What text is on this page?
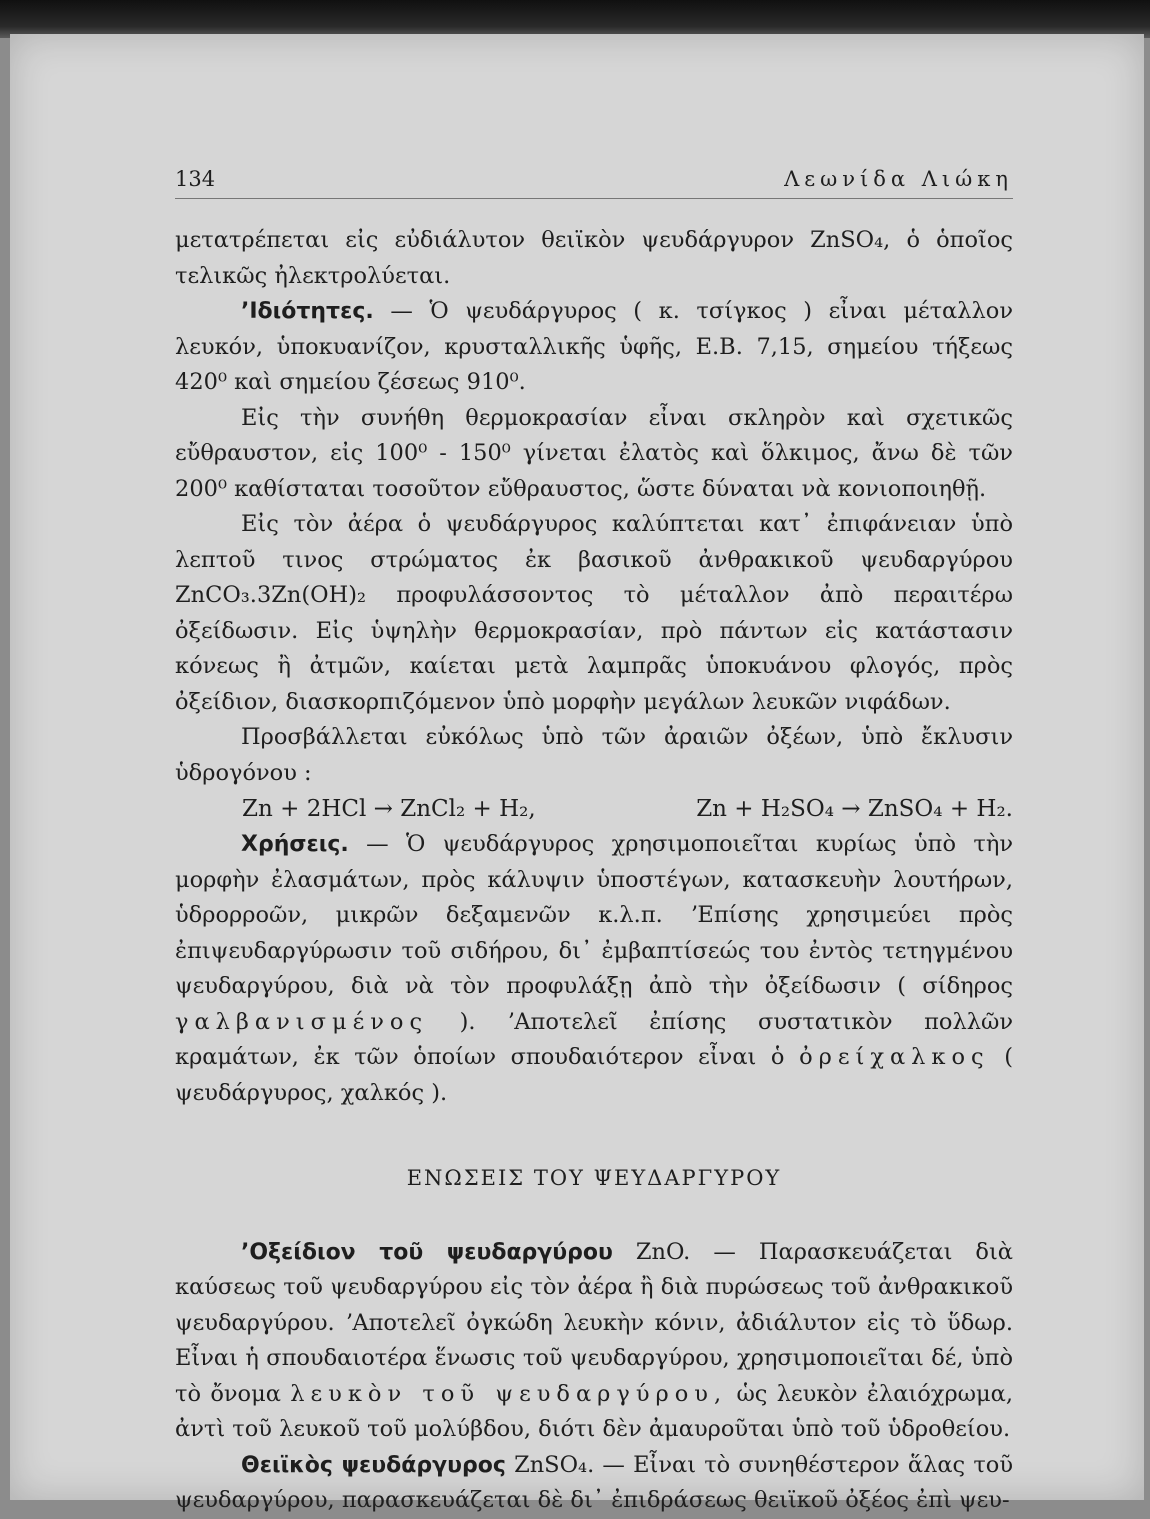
134	Λεωνίδα Λιώκη

μετατρέπεται εἰς εὐδιάλυτον θειϊκὸν ψευδάργυρον ZnSO₄, ὁ ὁποῖος τελικῶς ἠλεκτρολύεται.

ʼΙδιότητες. — Ὁ ψευδάργυρος ( κ. τσίγκος ) εἶναι μέταλλον λευκόν, ὑποκυανίζον, κρυσταλλικῆς ὑφῆς, Ε.Β. 7,15, σημείου τήξεως 420⁰ καὶ σημείου ζέσεως 910⁰.

Εἰς τὴν συνήθη θερμοκρασίαν εἶναι σκληρὸν καὶ σχετικῶς εὔθραυστον, εἰς 100⁰ - 150⁰ γίνεται ἐλατὸς καὶ ὅλκιμος, ἄνω δὲ τῶν 200⁰ καθίσταται τοσοῦτον εὔθραυστος, ὥστε δύναται νὰ κονιοποιηθῇ.

Εἰς τὸν ἀέρα ὁ ψευδάργυρος καλύπτεται κατ᾽ ἐπιφάνειαν ὑπὸ λεπτοῦ τινος στρώματος ἐκ βασικοῦ ἀνθρακικοῦ ψευδαργύρου ZnCO₃.3Zn(OH)₂ προφυλάσσοντος τὸ μέταλλον ἀπὸ περαιτέρω ὀξείδωσιν. Εἰς ὑψηλὴν θερμοκρασίαν, πρὸ πάντων εἰς κατάστασιν κόνεως ἢ ἀτμῶν, καίεται μετὰ λαμπρᾶς ὑποκυάνου φλογός, πρὸς ὀξείδιον, διασκορπιζόμενον ὑπὸ μορφὴν μεγάλων λευκῶν νιφάδων.

Προσβάλλεται εὐκόλως ὑπὸ τῶν ἀραιῶν ὀξέων, ὑπὸ ἔκλυσιν ὑδρογόνου :

Zn + 2HCl → ZnCl₂ + H₂,	Zn + H₂SO₄ → ZnSO₄ + H₂.

Χρήσεις. — Ὁ ψευδάργυρος χρησιμοποιεῖται κυρίως ὑπὸ τὴν μορφὴν ἐλασμάτων, πρὸς κάλυψιν ὑποστέγων, κατασκευὴν λουτήρων, ὑδρορροῶν, μικρῶν δεξαμενῶν κ.λ.π. ʼΕπίσης χρησιμεύει πρὸς ἐπιψευδαργύρωσιν τοῦ σιδήρου, δι᾽ ἐμβαπτίσεώς του ἐντὸς τετηγμένου ψευδαργύρου, διὰ νὰ τὸν προφυλάξῃ ἀπὸ τὴν ὀξείδωσιν ( σίδηρος γαλβανισμένος ). ʼΑποτελεῖ ἐπίσης συστατικὸν πολλῶν κραμάτων, ἐκ τῶν ὁποίων σπουδαιότερον εἶναι ὁ ὀρείχαλκος ( ψευδάργυρος, χαλκός ).

ΕΝΩΣΕΙΣ ΤΟΥ ΨΕΥΔΑΡΓΥΡΟΥ

ʼΟξείδιον τοῦ ψευδαργύρου ZnO. — Παρασκευάζεται διὰ καύσεως τοῦ ψευδαργύρου εἰς τὸν ἀέρα ἢ διὰ πυρώσεως τοῦ ἀνθρακικοῦ ψευδαργύρου. ʼΑποτελεῖ ὀγκώδη λευκὴν κόνιν, ἀδιάλυτον εἰς τὸ ὕδωρ. Εἶναι ἡ σπουδαιοτέρα ἕνωσις τοῦ ψευδαργύρου, χρησιμοποιεῖται δέ, ὑπὸ τὸ ὄνομα λευκὸν τοῦ ψευδαργύρου, ὡς λευκὸν ἐλαιόχρωμα, ἀντὶ τοῦ λευκοῦ τοῦ μολύβδου, διότι δὲν ἀμαυροῦται ὑπὸ τοῦ ὑδροθείου.

Θειϊκὸς ψευδάργυρος ZnSO₄. — Εἶναι τὸ συνηθέστερον ἅλας τοῦ ψευδαργύρου, παρασκευάζεται δὲ δι᾽ ἐπιδράσεως θειϊκοῦ ὀξέος ἐπὶ ψευ-
